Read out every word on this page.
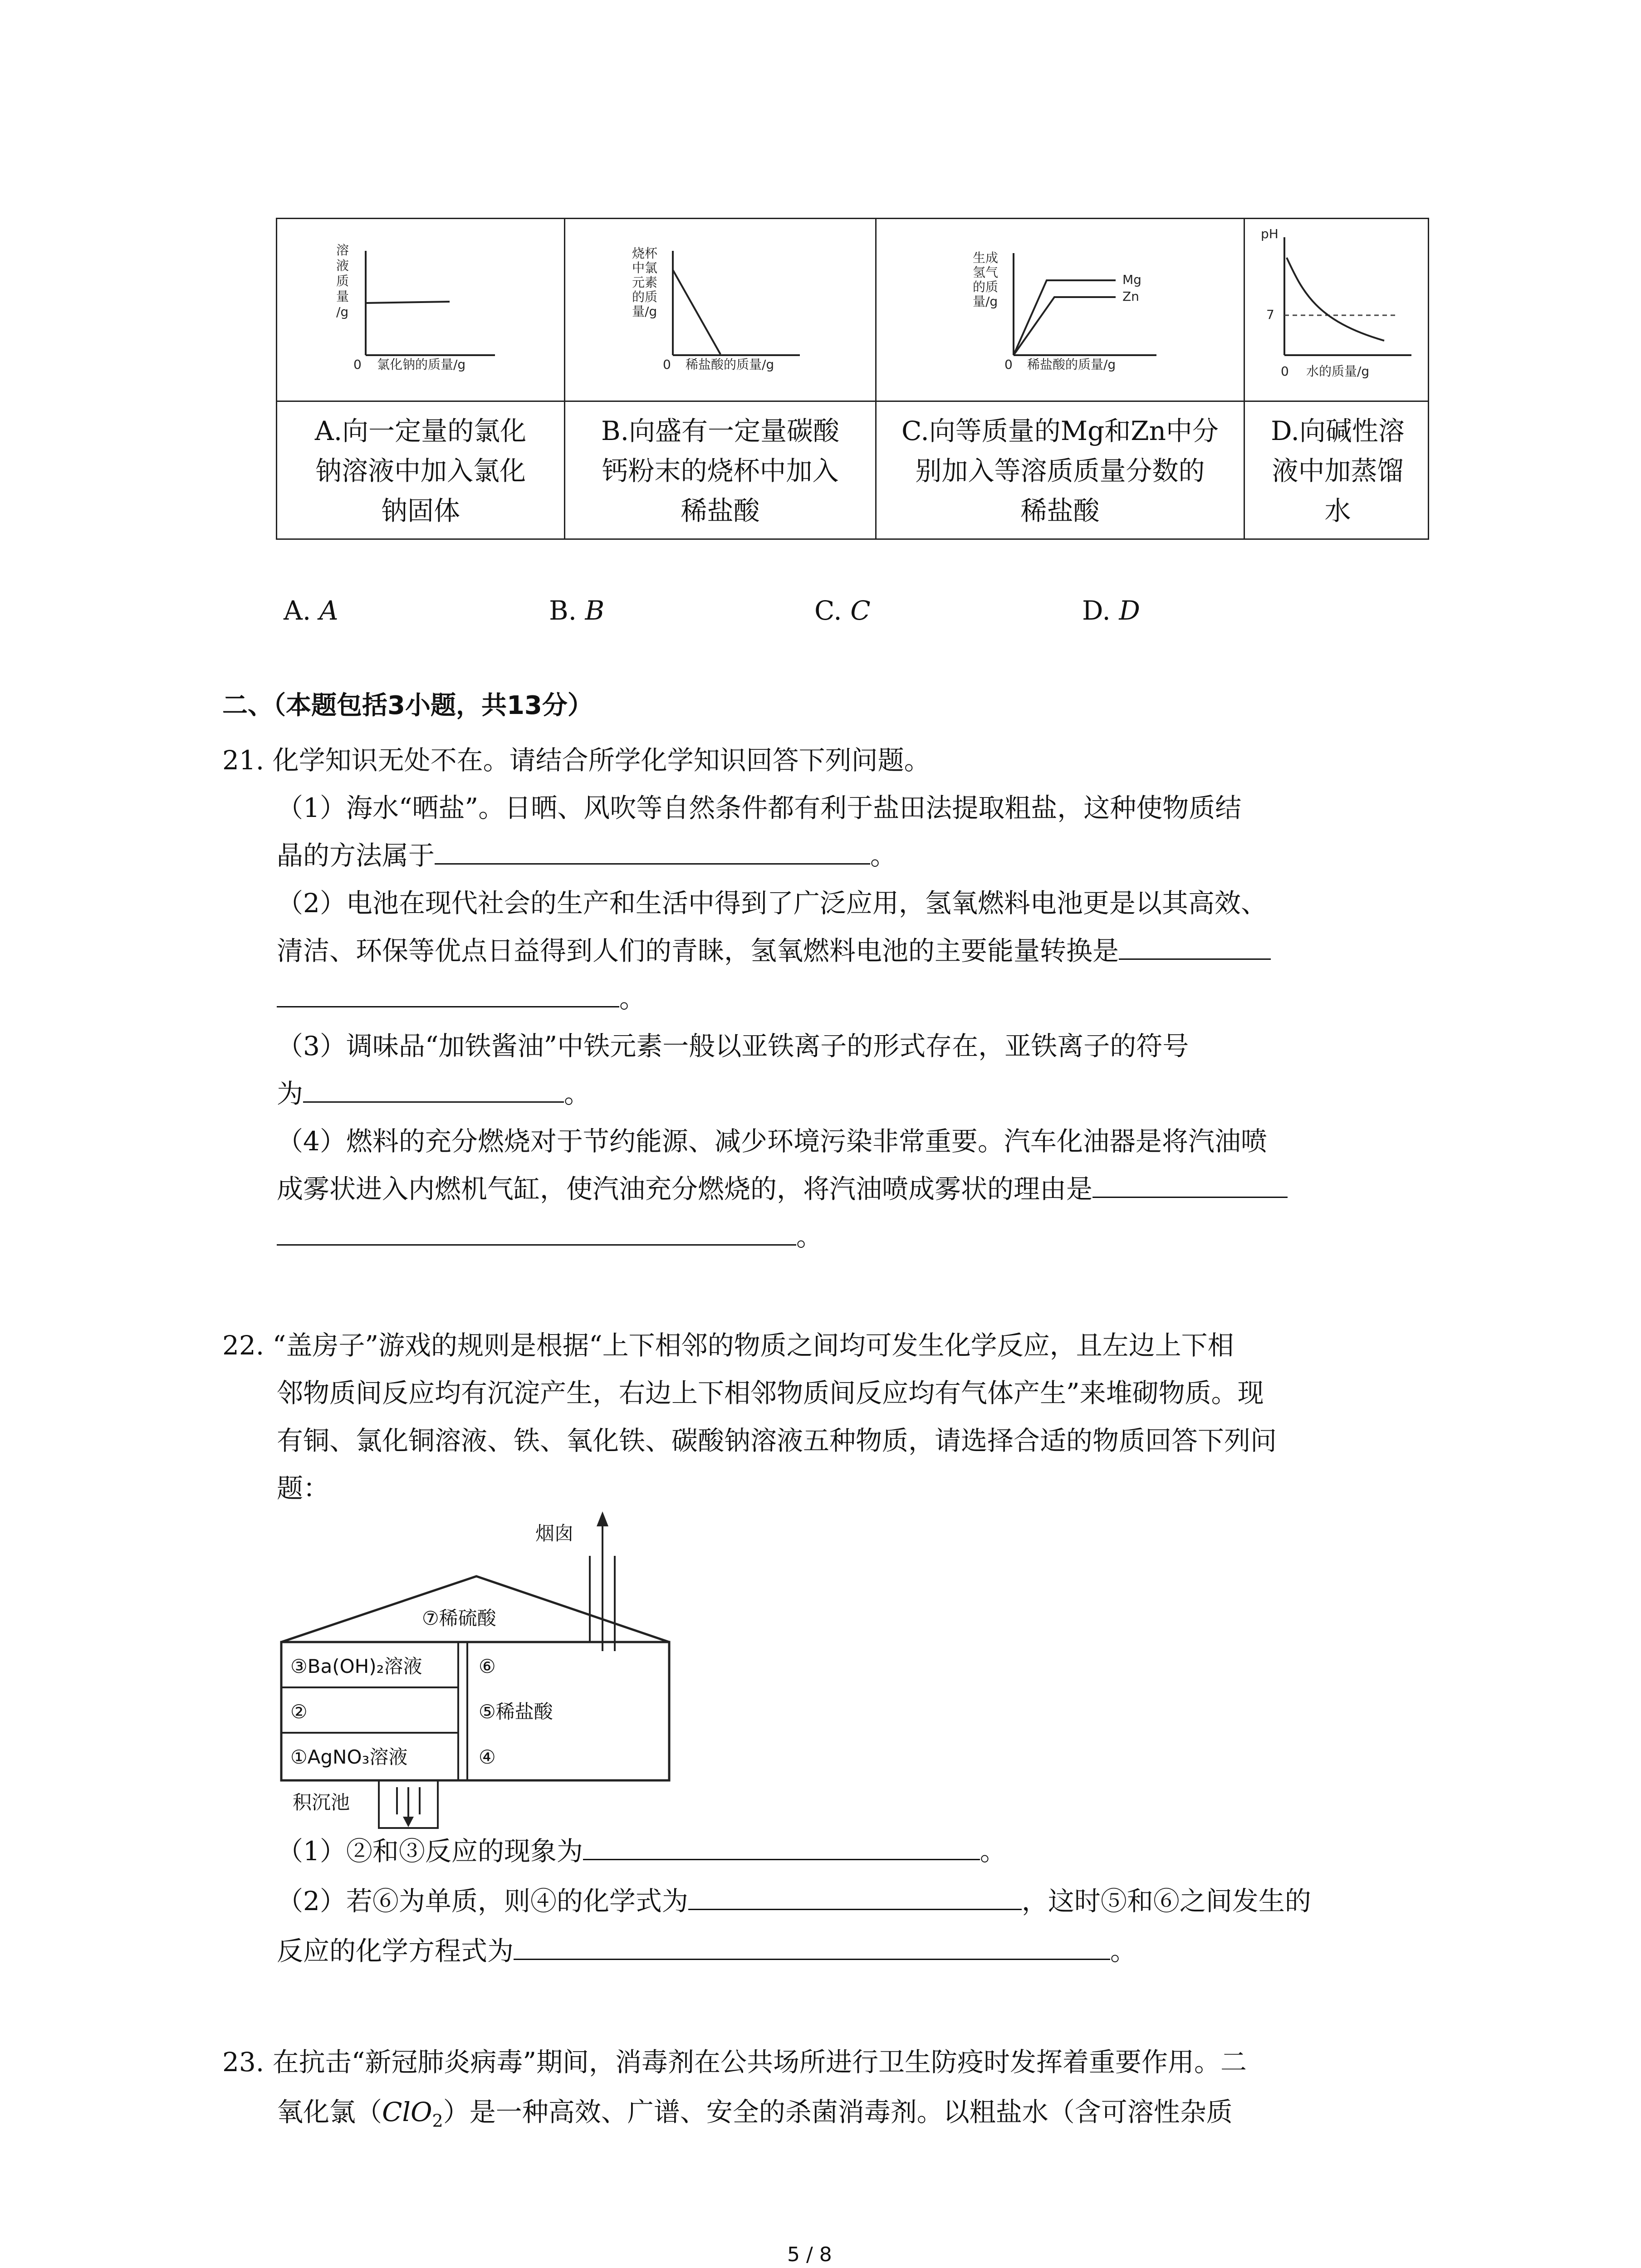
溶
液
质
量
/g
0 氯化钠的质量/g
烧杯
中氯
元素
的质
量/g
0 稀盐酸的质量/g
生成
氢气
的质
量/g
0 稀盐酸的质量/g
Mg
Zn
pH
7
0 水的质量/g
A.向一定量的氯化
钠溶液中加入氯化
钠固体
B.向盛有一定量碳酸
钙粉末的烧杯中加入
稀盐酸
C.向等质量的Mg和Zn中分
别加入等溶质质量分数的
稀盐酸
D.向碱性溶
液中加蒸馏
水
A. A	B. B	C. C	D. D
二、（本题包括3小题，共13分）
21. 化学知识无处不在。请结合所学化学知识回答下列问题。
（1）海水“晒盐”。日晒、风吹等自然条件都有利于盐田法提取粗盐，这种使物质结
晶的方法属于	。
（2）电池在现代社会的生产和生活中得到了广泛应用，氢氧燃料电池更是以其高效、
清洁、环保等优点日益得到人们的青睐，氢氧燃料电池的主要能量转换是
。
（3）调味品“加铁酱油”中铁元素一般以亚铁离子的形式存在，亚铁离子的符号
为	。
（4）燃料的充分燃烧对于节约能源、减少环境污染非常重要。汽车化油器是将汽油喷
成雾状进入内燃机气缸，使汽油充分燃烧的，将汽油喷成雾状的理由是
。
22. “盖房子”游戏的规则是根据“上下相邻的物质之间均可发生化学反应，且左边上下相
邻物质间反应均有沉淀产生，右边上下相邻物质间反应均有气体产生”来堆砌物质。现
有铜、氯化铜溶液、铁、氧化铁、碳酸钠溶液五种物质，请选择合适的物质回答下列问
题：
烟囱
⑦稀硫酸
③Ba(OH)₂溶液
②
①AgNO₃溶液
⑥
⑤稀盐酸
④
积沉池
（1）②和③反应的现象为	。
（2）若⑥为单质，则④的化学式为	，这时⑤和⑥之间发生的
反应的化学方程式为	。
23. 在抗击“新冠肺炎病毒”期间，消毒剂在公共场所进行卫生防疫时发挥着重要作用。二
氧化氯（ClO$_2$）是一种高效、广谱、安全的杀菌消毒剂。以粗盐水（含可溶性杂质
5 / 8
